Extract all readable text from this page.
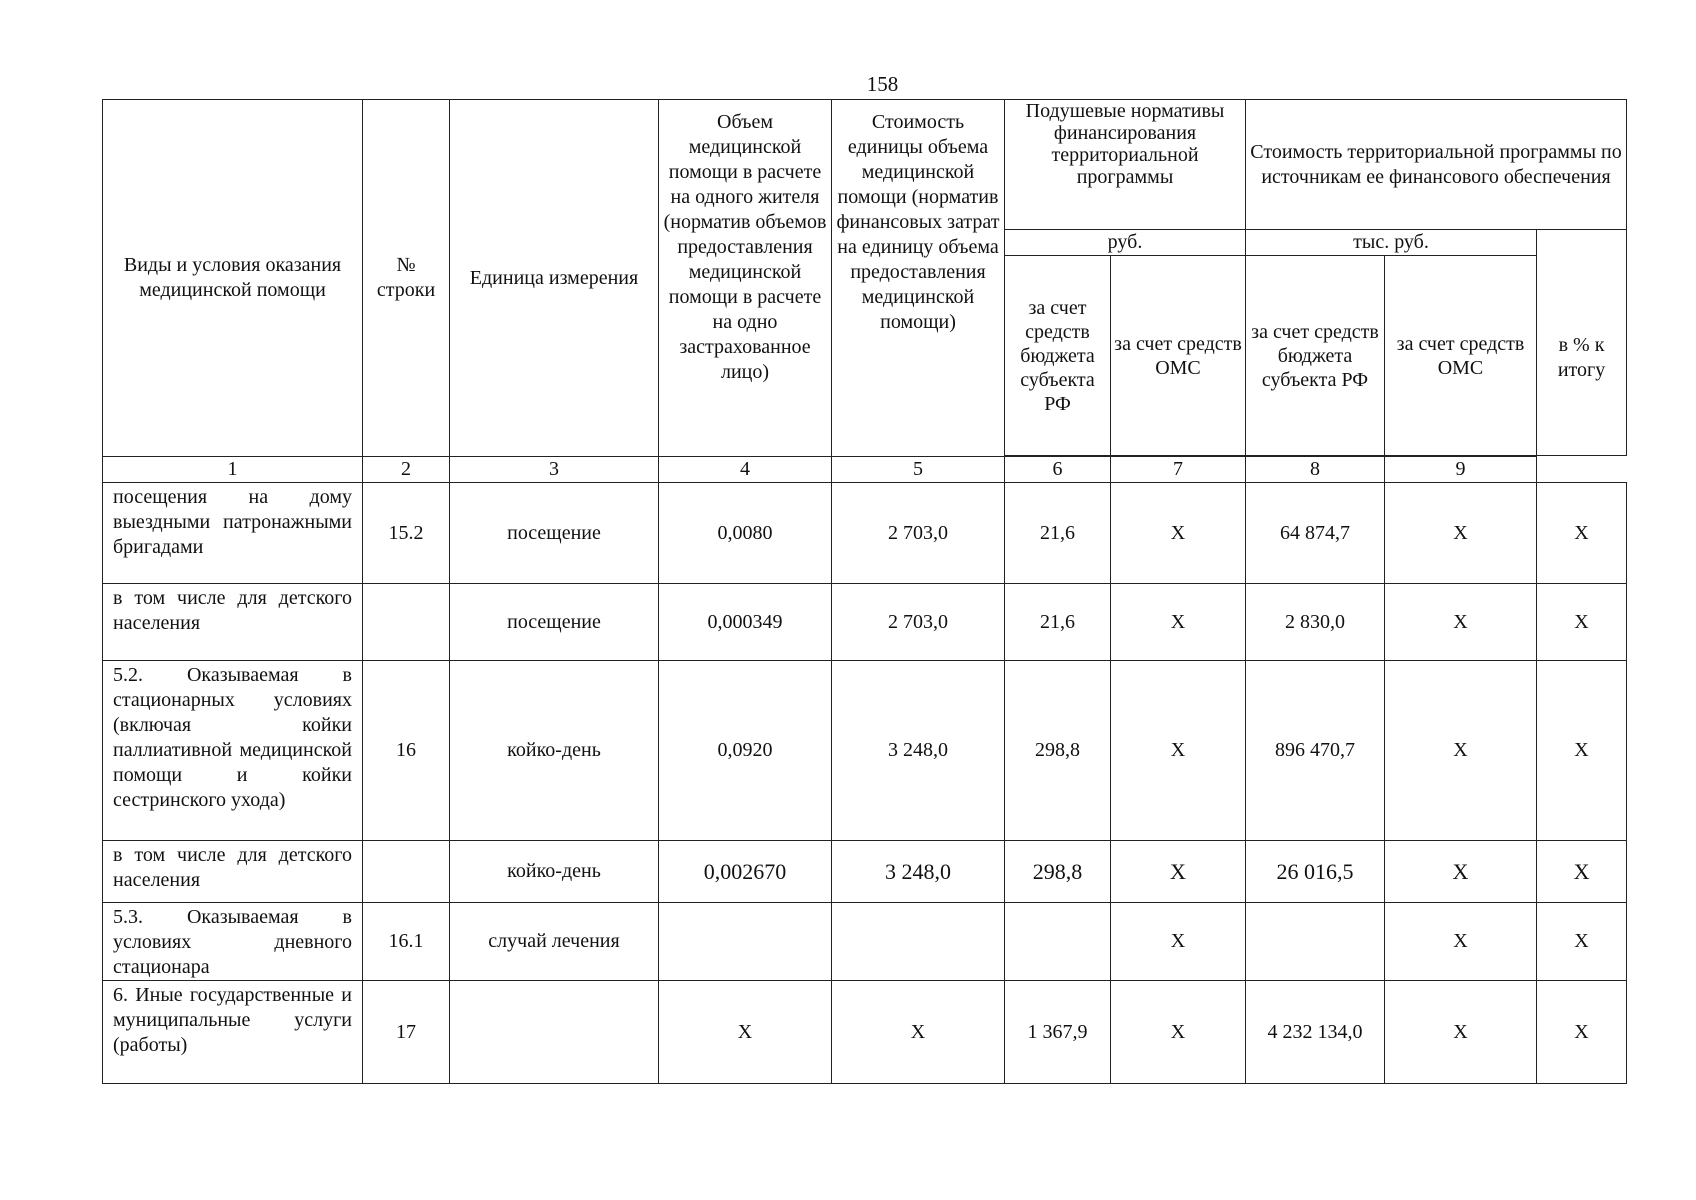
158
Виды и условия оказания медицинской помощи	№ строки	Единица измерения	Объем медицинской помощи в расчете на одного жителя (норматив объемов предоставления медицинской помощи в расчете на одно застрахованное лицо)	Стоимость единицы объема медицинской помощи (норматив финансовых затрат на единицу объема предоставления медицинской помощи)	Подушевые нормативы финансирования территориальной программы		Стоимость территориальной программы по источникам ее финансового обеспечения		
					руб.		тыс. руб.		в % к итогу
					за счет средств бюджета субъекта РФ	за счет средств ОМС	за счет средств бюджета субъекта РФ	за счет средств ОМС	

1	2	3	4	5	6	7	8	9	
посещения на дому выездными патронажными бригадами	15.2	посещение	0,0080	2 703,0	21,6	X	64 874,7	X	X
в том числе для детского населения		посещение	0,000349	2 703,0	21,6	X	2 830,0	X	X
5.2. Оказываемая в стационарных условиях (включая койки паллиативной медицинской помощи и койки сестринского ухода)	16	койко-день	0,0920	3 248,0	298,8	X	896 470,7	X	X
в том числе для детского населения		койко-день	0,002670	3 248,0	298,8	X	26 016,5	X	X
5.3. Оказываемая в условиях дневного стационара	16.1	случай лечения				X		X	X
6. Иные государственные и муниципальные услуги (работы)	17		X	X	1 367,9	X	4 232 134,0	X	X
